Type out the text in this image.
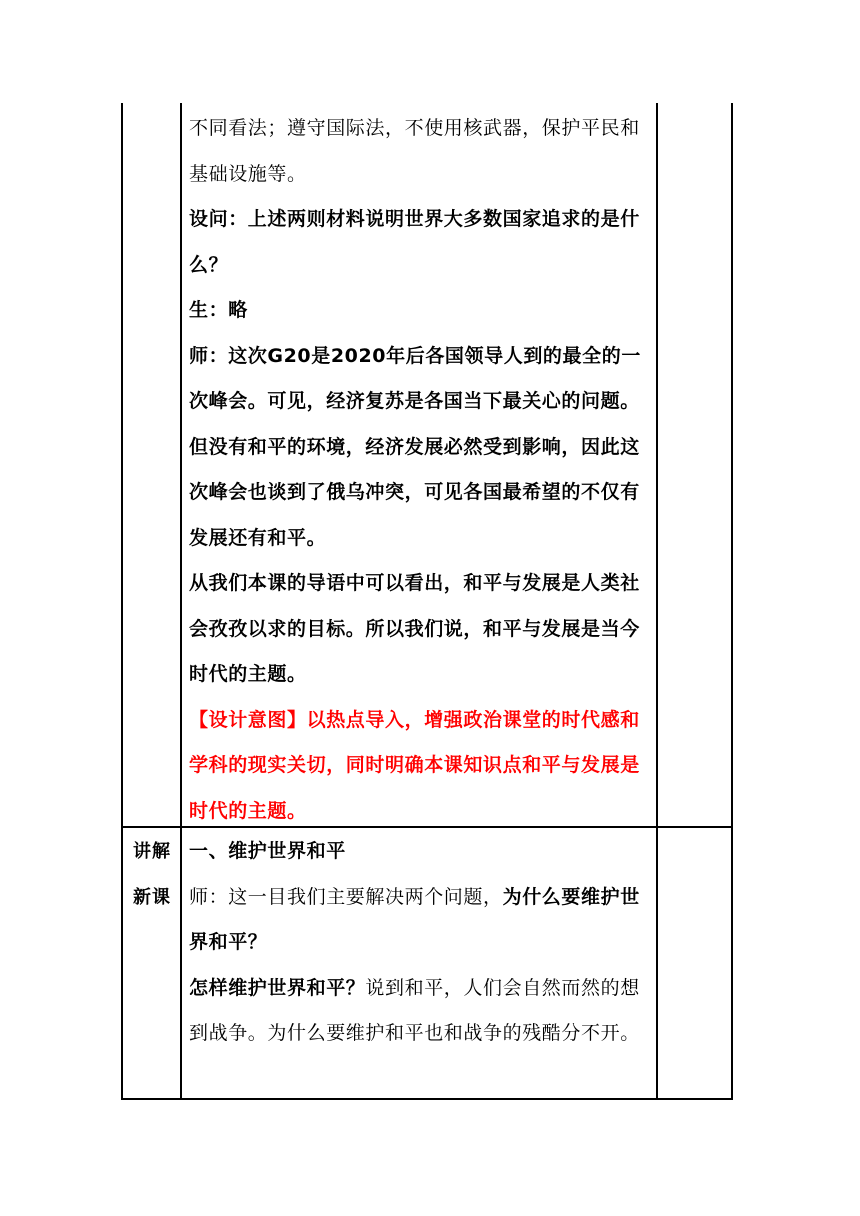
不同看法；遵守国际法，不使用核武器，保护平民和基础设施等。

设问：上述两则材料说明世界大多数国家追求的是什么？

生：略

师：这次G20是2020年后各国领导人到的最全的一次峰会。可见，经济复苏是各国当下最关心的问题。但没有和平的环境，经济发展必然受到影响，因此这次峰会也谈到了俄乌冲突，可见各国最希望的不仅有发展还有和平。

从我们本课的导语中可以看出，和平与发展是人类社会孜孜以求的目标。所以我们说，和平与发展是当今时代的主题。

【设计意图】以热点导入，增强政治课堂的时代感和学科的现实关切，同时明确本课知识点和平与发展是时代的主题。

讲解
新课

一、维护世界和平

师：这一目我们主要解决两个问题，为什么要维护世界和平？

怎样维护世界和平？说到和平，人们会自然而然的想到战争。为什么要维护和平也和战争的残酷分不开。
